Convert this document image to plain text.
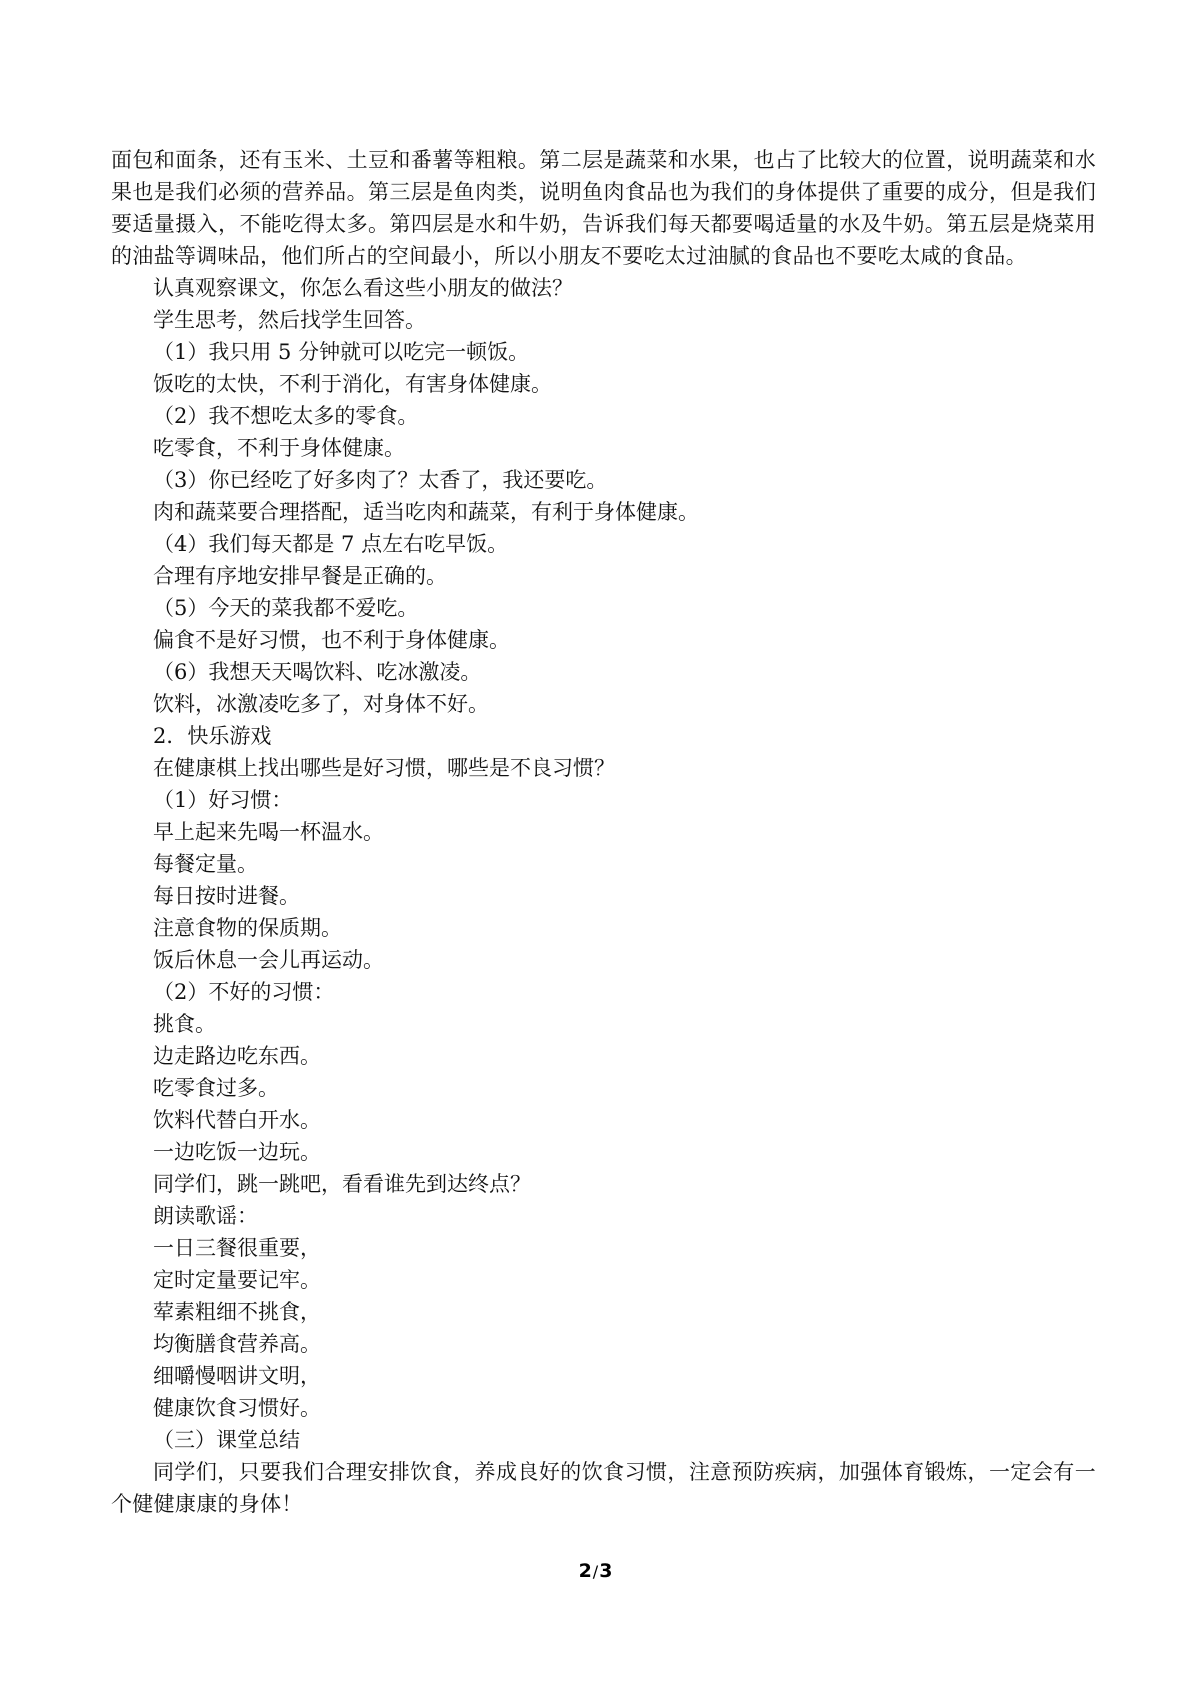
面包和面条，还有玉米、土豆和番薯等粗粮。第二层是蔬菜和水果，也占了比较大的位置，说明蔬菜和水果也是我们必须的营养品。第三层是鱼肉类，说明鱼肉食品也为我们的身体提供了重要的成分，但是我们要适量摄入，不能吃得太多。第四层是水和牛奶，告诉我们每天都要喝适量的水及牛奶。第五层是烧菜用的油盐等调味品，他们所占的空间最小，所以小朋友不要吃太过油腻的食品也不要吃太咸的食品。

认真观察课文，你怎么看这些小朋友的做法？

学生思考，然后找学生回答。

（1）我只用 5 分钟就可以吃完一顿饭。

饭吃的太快，不利于消化，有害身体健康。

（2）我不想吃太多的零食。

吃零食，不利于身体健康。

（3）你已经吃了好多肉了？太香了，我还要吃。

肉和蔬菜要合理搭配，适当吃肉和蔬菜，有利于身体健康。

（4）我们每天都是 7 点左右吃早饭。

合理有序地安排早餐是正确的。

（5）今天的菜我都不爱吃。

偏食不是好习惯，也不利于身体健康。

（6）我想天天喝饮料、吃冰激凌。

饮料，冰激凌吃多了，对身体不好。

2．快乐游戏

在健康棋上找出哪些是好习惯，哪些是不良习惯？

（1）好习惯：

早上起来先喝一杯温水。

每餐定量。

每日按时进餐。

注意食物的保质期。

饭后休息一会儿再运动。

（2）不好的习惯：

挑食。

边走路边吃东西。

吃零食过多。

饮料代替白开水。

一边吃饭一边玩。

同学们，跳一跳吧，看看谁先到达终点？

朗读歌谣：

一日三餐很重要，

定时定量要记牢。

荤素粗细不挑食，

均衡膳食营养高。

细嚼慢咽讲文明，

健康饮食习惯好。

（三）课堂总结

同学们，只要我们合理安排饮食，养成良好的饮食习惯，注意预防疾病，加强体育锻炼，一定会有一个健健康康的身体！

2/3
